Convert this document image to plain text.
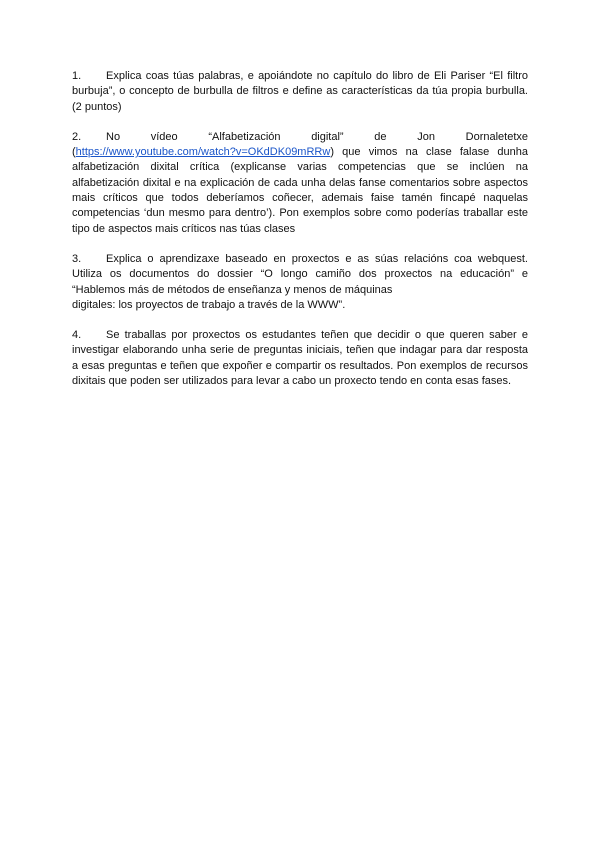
1. Explica coas túas palabras, e apoiándote no capítulo do libro de Eli Pariser “El filtro
burbuja”, o concepto de burbulla de filtros e define as características da túa propia burbulla.
(2 puntos)
2. No vídeo “Alfabetización digital” de Jon Dornaletetxe
(https://www.youtube.com/watch?v=OKdDK09mRRw) que vimos na clase falase dunha
alfabetización dixital crítica (explicanse varias competencias que se inclúen na
alfabetización dixital e na explicación de cada unha delas fanse comentarios sobre aspectos
mais críticos que todos deberíamos coñecer, ademais faise tamén fincapé naquelas
competencias ‘dun mesmo para dentro’). Pon exemplos sobre como poderías traballar este
tipo de aspectos mais críticos nas túas clases
3. Explica o aprendizaxe baseado en proxectos e as súas relacións coa webquest.
Utiliza os documentos do dossier “O longo camiño dos proxectos na educación” e
“Hablemos más de métodos de enseñanza y menos de máquinas
digitales: los proyectos de trabajo a través de la WWW”.
4. Se traballas por proxectos os estudantes teñen que decidir o que queren saber e
investigar elaborando unha serie de preguntas iniciais, teñen que indagar para dar resposta
a esas preguntas e teñen que expoñer e compartir os resultados. Pon exemplos de recursos
dixitais que poden ser utilizados para levar a cabo un proxecto tendo en conta esas fases.
